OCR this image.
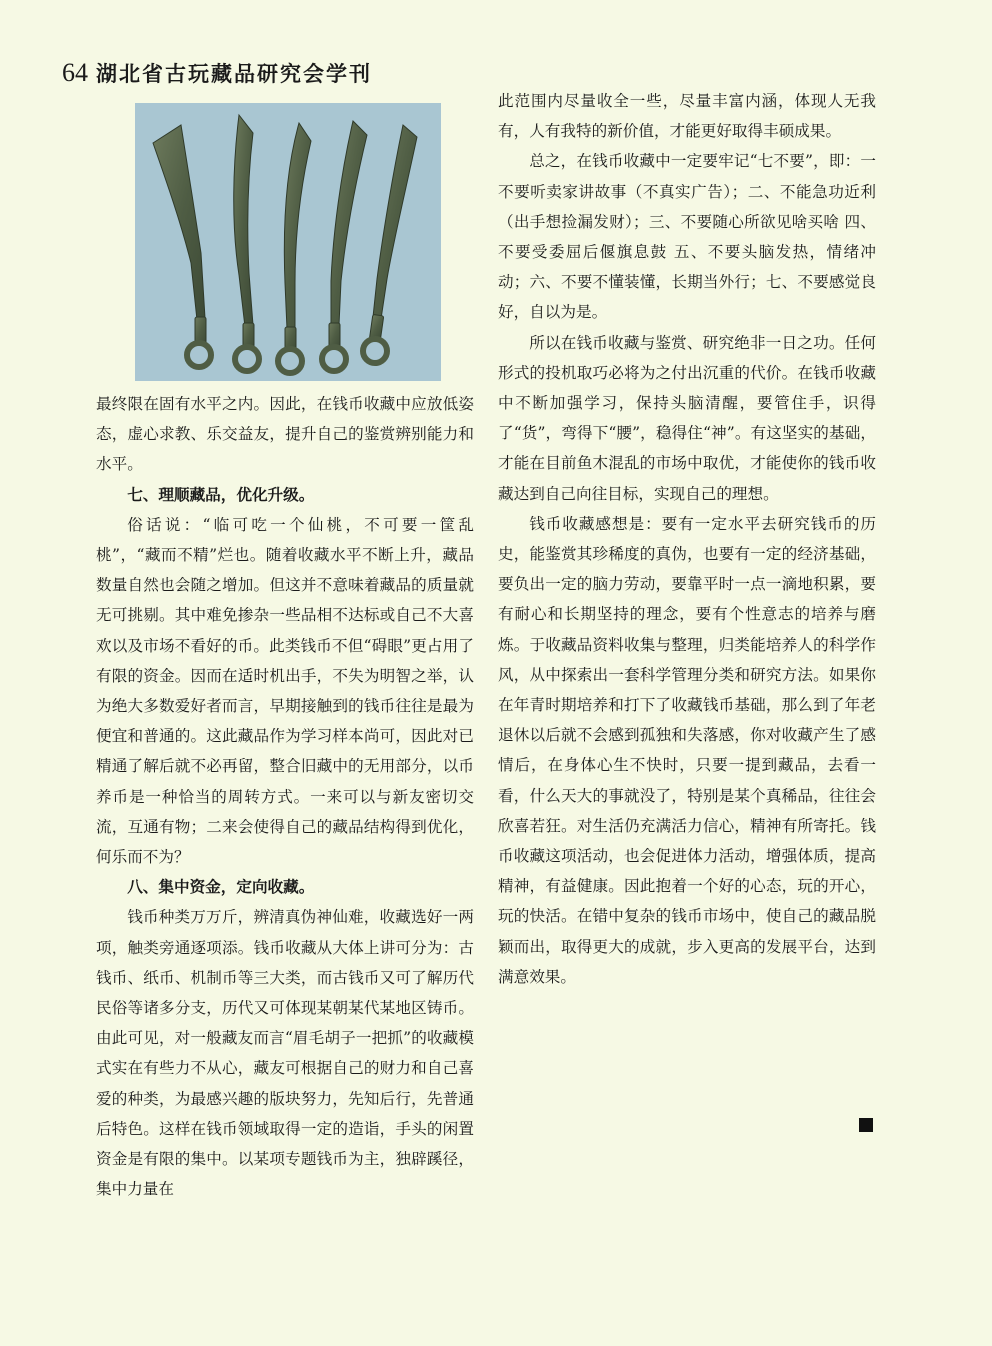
64 湖北省古玩藏品研究会学刊

最终限在固有水平之内。因此，在钱币收藏中应放低姿态，虚心求教、乐交益友，提升自己的鉴赏辨别能力和水平。

七、理顺藏品，优化升级。

俗话说：“临可吃一个仙桃，不可要一筐乱桃”，“藏而不精”烂也。随着收藏水平不断上升，藏品数量自然也会随之增加。但这并不意味着藏品的质量就无可挑剔。其中难免掺杂一些品相不达标或自己不大喜欢以及市场不看好的币。此类钱币不但“碍眼”更占用了有限的资金。因而在适时机出手，不失为明智之举，认为绝大多数爱好者而言，早期接触到的钱币往往是最为便宜和普通的。这此藏品作为学习样本尚可，因此对已精通了解后就不必再留，整合旧藏中的无用部分，以币养币是一种恰当的周转方式。一来可以与新友密切交流，互通有物；二来会使得自己的藏品结构得到优化，何乐而不为？

八、集中资金，定向收藏。

钱币种类万万斤，辨清真伪神仙难，收藏选好一两项，触类旁通逐项添。钱币收藏从大体上讲可分为：古钱币、纸币、机制币等三大类，而古钱币又可了解历代民俗等诸多分支，历代又可体现某朝某代某地区铸币。由此可见，对一般藏友而言“眉毛胡子一把抓”的收藏模式实在有些力不从心，藏友可根据自己的财力和自己喜爱的种类，为最感兴趣的版块努力，先知后行，先普通后特色。这样在钱币领域取得一定的造诣，手头的闲置资金是有限的集中。以某项专题钱币为主，独辟蹊径，集中力量在

此范围内尽量收全一些，尽量丰富内涵，体现人无我有，人有我特的新价值，才能更好取得丰硕成果。

总之，在钱币收藏中一定要牢记“七不要”，即：一不要听卖家讲故事（不真实广告）；二、不能急功近利（出手想捡漏发财）；三、不要随心所欲见啥买啥 四、不要受委屈后偃旗息鼓 五、不要头脑发热，情绪冲动；六、不要不懂装懂，长期当外行；七、不要感觉良好，自以为是。

所以在钱币收藏与鉴赏、研究绝非一日之功。任何形式的投机取巧必将为之付出沉重的代价。在钱币收藏中不断加强学习，保持头脑清醒，要管住手，识得了“货”，弯得下“腰”，稳得住“神”。有这坚实的基础，才能在目前鱼木混乱的市场中取优，才能使你的钱币收藏达到自己向往目标，实现自己的理想。

钱币收藏感想是：要有一定水平去研究钱币的历史，能鉴赏其珍稀度的真伪，也要有一定的经济基础，要负出一定的脑力劳动，要靠平时一点一滴地积累，要有耐心和长期坚持的理念，要有个性意志的培养与磨炼。于收藏品资料收集与整理，归类能培养人的科学作风，从中探索出一套科学管理分类和研究方法。如果你在年青时期培养和打下了收藏钱币基础，那么到了年老退休以后就不会感到孤独和失落感，你对收藏产生了感情后，在身体心生不快时，只要一提到藏品，去看一看，什么天大的事就没了，特别是某个真稀品，往往会欣喜若狂。对生活仍充满活力信心，精神有所寄托。钱币收藏这项活动，也会促进体力活动，增强体质，提高精神，有益健康。因此抱着一个好的心态，玩的开心，玩的快活。在错中复杂的钱币市场中，使自己的藏品脱颖而出，取得更大的成就，步入更高的发展平台，达到满意效果。
